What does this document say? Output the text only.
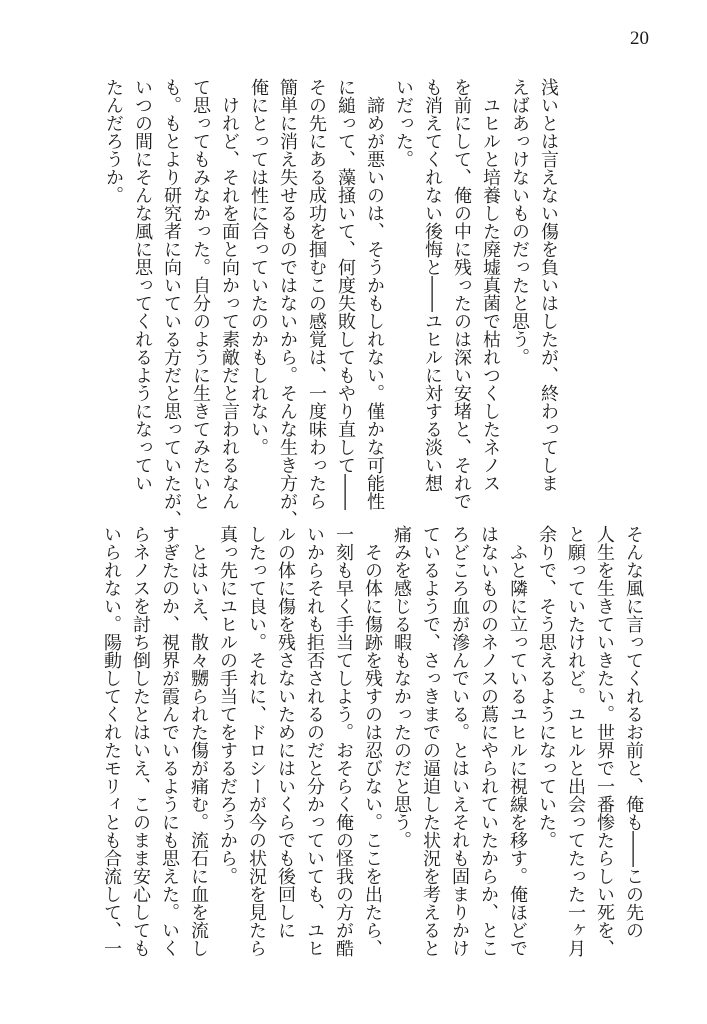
20
浅いとは言えない傷を負いはしたが、終わってしま
えばあっけないものだったと思う。
　ユヒルと培養した廃墟真菌で枯れつくしたネノス
を前にして、俺の中に残ったのは深い安堵と、それで
も消えてくれない後悔と――ユヒルに対する淡い想
いだった。
　諦めが悪いのは、そうかもしれない。僅かな可能性
に縋って、藻掻いて、何度失敗してもやり直して――
その先にある成功を掴むこの感覚は、一度味わったら
簡単に消え失せるものではないから。そんな生き方が、
俺にとっては性に合っていたのかもしれない。
　けれど、それを面と向かって素敵だと言われるなん
て思ってもみなかった。自分のように生きてみたいと
も。もとより研究者に向いている方だと思っていたが、
いつの間にそんな風に思ってくれるようになってい
たんだろうか。
そんな風に言ってくれるお前と、俺も――この先の
人生を生きていきたい。世界で一番惨たらしい死を、
と願っていたけれど。ユヒルと出会ってたった一ヶ月
余りで、そう思えるようになっていた。
　ふと隣に立っているユヒルに視線を移す。俺ほどで
はないもののネノスの蔦にやられていたからか、とこ
ろどころ血が滲んでいる。とはいえそれも固まりかけ
ているようで、さっきまでの逼迫した状況を考えると
痛みを感じる暇もなかったのだと思う。
　その体に傷跡を残すのは忍びない。ここを出たら、
一刻も早く手当てしよう。おそらく俺の怪我の方が酷
いからそれも拒否されるのだと分かっていても、ユヒ
ルの体に傷を残さないためにはいくらでも後回しに
したって良い。それに、ドロシーが今の状況を見たら
真っ先にユヒルの手当てをするだろうから。
　とはいえ、散々嬲られた傷が痛む。流石に血を流し
すぎたのか、視界が霞んでいるようにも思えた。いく
らネノスを討ち倒したとはいえ、このまま安心しても
いられない。陽動してくれたモリィとも合流して、一
